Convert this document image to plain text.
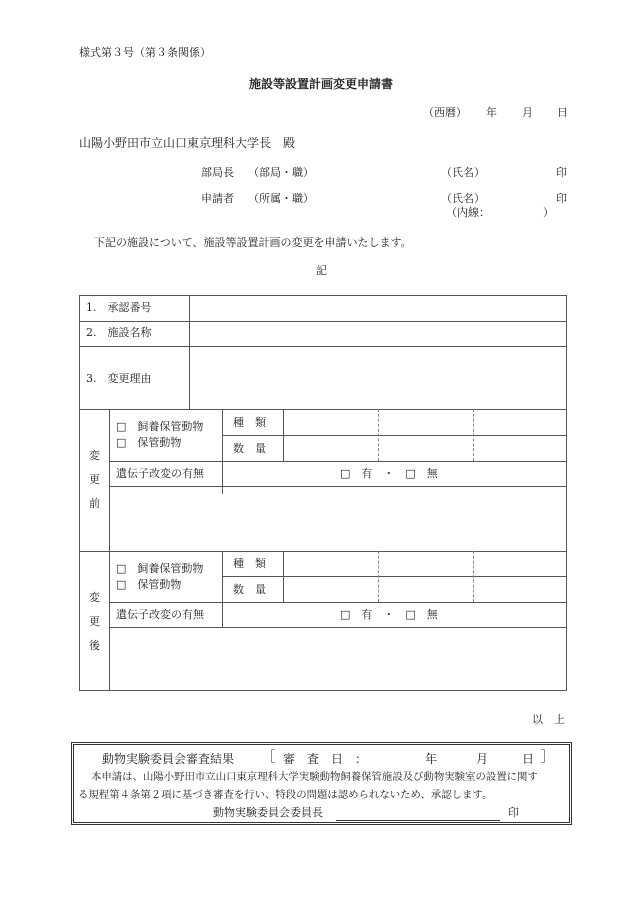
様式第３号（第３条関係）
施設等設置計画変更申請書
（西暦） 年 月 日
山陽小野田市立山口東京理科大学長　殿
部局長 （部局・職）	（氏名）	印
申請者 （所属・職）	（氏名）	印
（内線：	）
下記の施設について、施設等設置計画の変更を申請いたします。
記
1.　承認番号
2.　施設名称
3.　変更理由
変
更
前
□　飼養保管動物
□　保管動物
種　類
数　量
遺伝子改変の有無	□　有　・　□　無
変
更
後
□　飼養保管動物
□　保管動物
種　類
数　量
遺伝子改変の有無	□　有　・　□　無
以　上
動物実験委員会審査結果 ［ 審　査　日　：	年	月	日 ］
本申請は、山陽小野田市立山口東京理科大学実験動物飼養保管施設及び動物実験室の設置に関す
る規程第４条第２項に基づき審査を行い、特段の問題は認められないため、承認します。
動物実験委員会委員長	印
